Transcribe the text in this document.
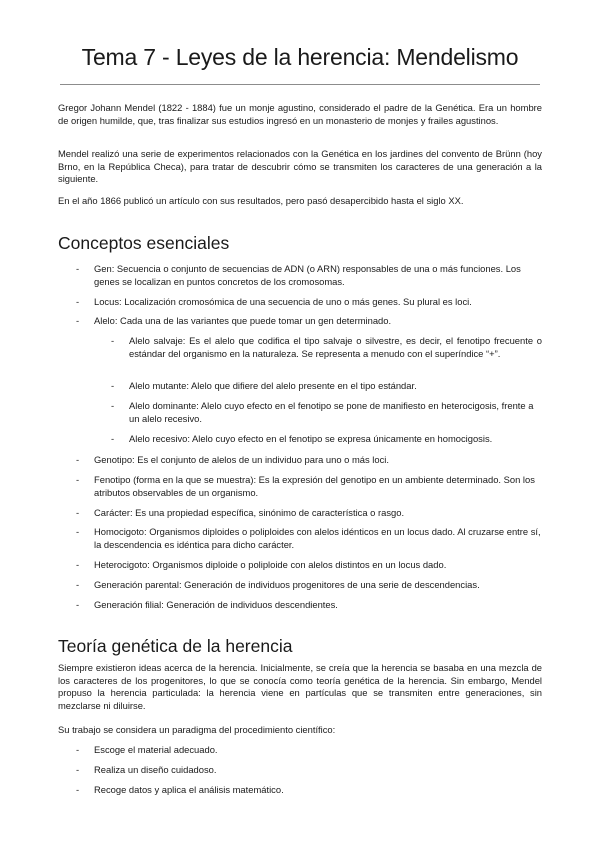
Tema 7 - Leyes de la herencia: Mendelismo

Gregor Johann Mendel (1822 - 1884) fue un monje agustino, considerado el padre de la Genética. Era un hombre de origen humilde, que, tras finalizar sus estudios ingresó en un monasterio de monjes y frailes agustinos.

Mendel realizó una serie de experimentos relacionados con la Genética en los jardines del convento de Brünn (hoy Brno, en la República Checa), para tratar de descubrir cómo se transmiten los caracteres de una generación a la siguiente.

En el año 1866 publicó un artículo con sus resultados, pero pasó desapercibido hasta el siglo XX.

Conceptos esenciales
- Gen: Secuencia o conjunto de secuencias de ADN (o ARN) responsables de una o más funciones. Los genes se localizan en puntos concretos de los cromosomas.

- Locus: Localización cromosómica de una secuencia de uno o más genes. Su plural es loci.

- Alelo: Cada una de las variantes que puede tomar un gen determinado.

- Alelo salvaje: Es el alelo que codifica el tipo salvaje o silvestre, es decir, el fenotipo frecuente o estándar del organismo en la naturaleza. Se representa a menudo con el superíndice “+”.

- Alelo mutante: Alelo que difiere del alelo presente en el tipo estándar.

- Alelo dominante: Alelo cuyo efecto en el fenotipo se pone de manifiesto en heterocigosis, frente a un alelo recesivo.

- Alelo recesivo: Alelo cuyo efecto en el fenotipo se expresa únicamente en homocigosis.

- Genotipo: Es el conjunto de alelos de un individuo para uno o más loci.

- Fenotipo (forma en la que se muestra): Es la expresión del genotipo en un ambiente determinado. Son los atributos observables de un organismo.

- Carácter: Es una propiedad específica, sinónimo de característica o rasgo.

- Homocigoto: Organismos diploides o poliploides con alelos idénticos en un locus dado. Al cruzarse entre sí, la descendencia es idéntica para dicho carácter.

- Heterocigoto: Organismos diploide o poliploide con alelos distintos en un locus dado.

- Generación parental: Generación de individuos progenitores de una serie de descendencias.

- Generación filial: Generación de individuos descendientes.

Teoría genética de la herencia

Siempre existieron ideas acerca de la herencia. Inicialmente, se creía que la herencia se basaba en una mezcla de los caracteres de los progenitores, lo que se conocía como teoría genética de la herencia. Sin embargo, Mendel propuso la herencia particulada: la herencia viene en partículas que se transmiten entre generaciones, sin mezclarse ni diluirse.

Su trabajo se considera un paradigma del procedimiento científico:

- Escoge el material adecuado.

- Realiza un diseño cuidadoso.

- Recoge datos y aplica el análisis matemático.
